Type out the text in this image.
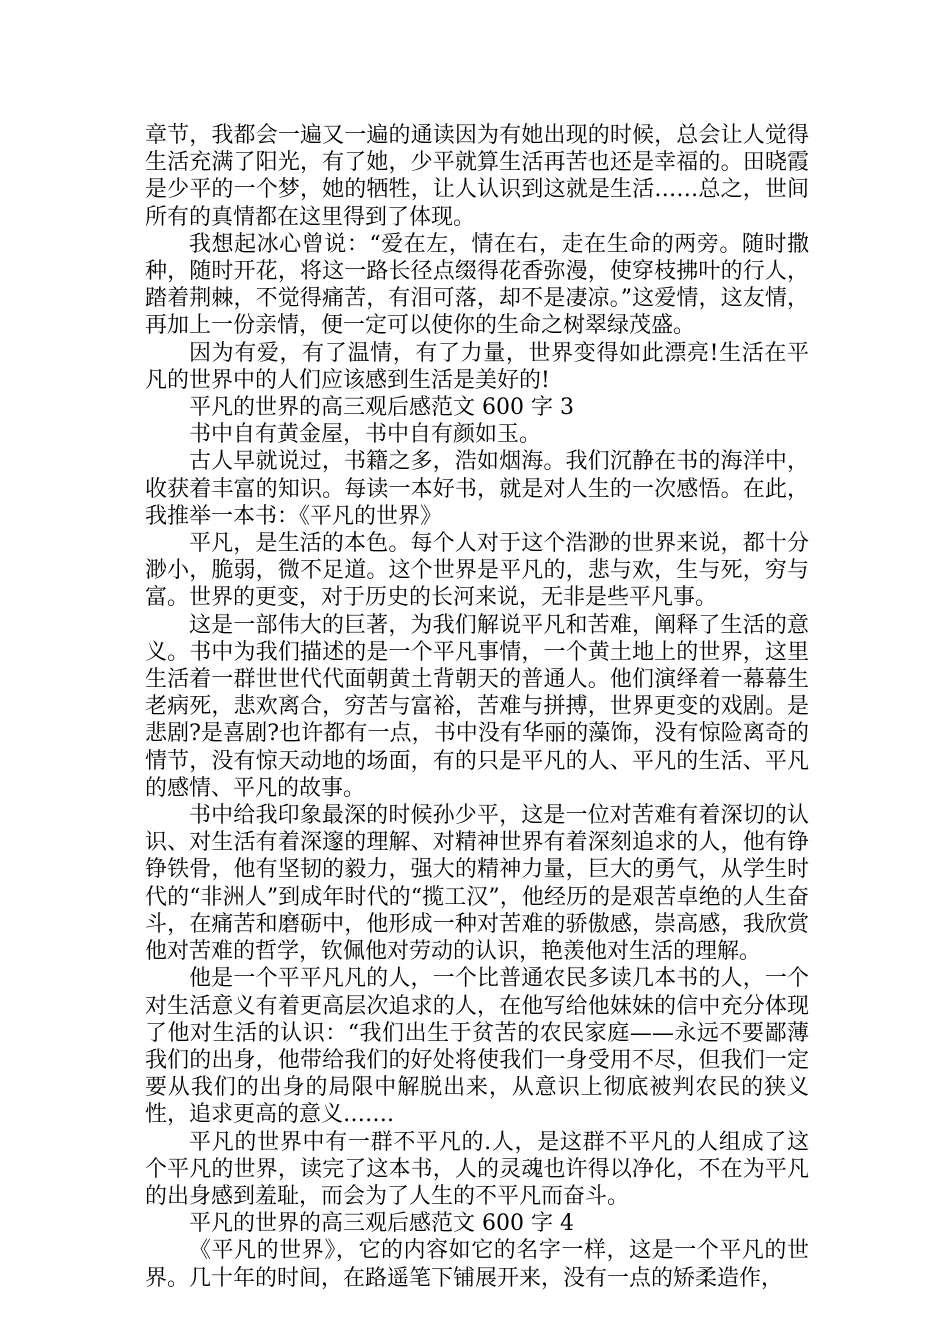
章节，我都会一遍又一遍的通读因为有她出现的时候，总会让人觉得生活充满了阳光，有了她，少平就算生活再苦也还是幸福的。田晓霞是少平的一个梦，她的牺牲，让人认识到这就是生活……总之，世间所有的真情都在这里得到了体现。

我想起冰心曾说：“爱在左，情在右，走在生命的两旁。随时撒种，随时开花，将这一路长径点缀得花香弥漫，使穿枝拂叶的行人，踏着荆棘，不觉得痛苦，有泪可落，却不是凄凉。”这爱情，这友情，再加上一份亲情，便一定可以使你的生命之树翠绿茂盛。

因为有爱，有了温情，有了力量，世界变得如此漂亮!生活在平凡的世界中的人们应该感到生活是美好的!

平凡的世界的高三观后感范文 600 字 3

书中自有黄金屋，书中自有颜如玉。

古人早就说过，书籍之多，浩如烟海。我们沉静在书的海洋中，收获着丰富的知识。每读一本好书，就是对人生的一次感悟。在此，我推举一本书：《平凡的世界》

平凡，是生活的本色。每个人对于这个浩渺的世界来说，都十分渺小，脆弱，微不足道。这个世界是平凡的，悲与欢，生与死，穷与富。世界的更变，对于历史的长河来说，无非是些平凡事。

这是一部伟大的巨著，为我们解说平凡和苦难，阐释了生活的意义。书中为我们描述的是一个平凡事情，一个黄土地上的世界，这里生活着一群世世代代面朝黄土背朝天的普通人。他们演绎着一幕幕生老病死，悲欢离合，穷苦与富裕，苦难与拼搏，世界更变的戏剧。是悲剧?是喜剧?也许都有一点，书中没有华丽的藻饰，没有惊险离奇的情节，没有惊天动地的场面，有的只是平凡的人、平凡的生活、平凡的感情、平凡的故事。

书中给我印象最深的时候孙少平，这是一位对苦难有着深切的认识、对生活有着深邃的理解、对精神世界有着深刻追求的人，他有铮铮铁骨，他有坚韧的毅力，强大的精神力量，巨大的勇气，从学生时代的“非洲人”到成年时代的“揽工汉”，他经历的是艰苦卓绝的人生奋斗，在痛苦和磨砺中，他形成一种对苦难的骄傲感，崇高感，我欣赏他对苦难的哲学，钦佩他对劳动的认识，艳羡他对生活的理解。

他是一个平平凡凡的人，一个比普通农民多读几本书的人，一个对生活意义有着更高层次追求的人，在他写给他妹妹的信中充分体现了他对生活的认识：“我们出生于贫苦的农民家庭——永远不要鄙薄我们的出身，他带给我们的好处将使我们一身受用不尽，但我们一定要从我们的出身的局限中解脱出来，从意识上彻底被判农民的狭义性，追求更高的意义…….

平凡的世界中有一群不平凡的.人，是这群不平凡的人组成了这个平凡的世界，读完了这本书，人的灵魂也许得以净化，不在为平凡的出身感到羞耻，而会为了人生的不平凡而奋斗。

平凡的世界的高三观后感范文 600 字 4

《平凡的世界》，它的内容如它的名字一样，这是一个平凡的世界。几十年的时间，在路遥笔下铺展开来，没有一点的矫柔造作，
